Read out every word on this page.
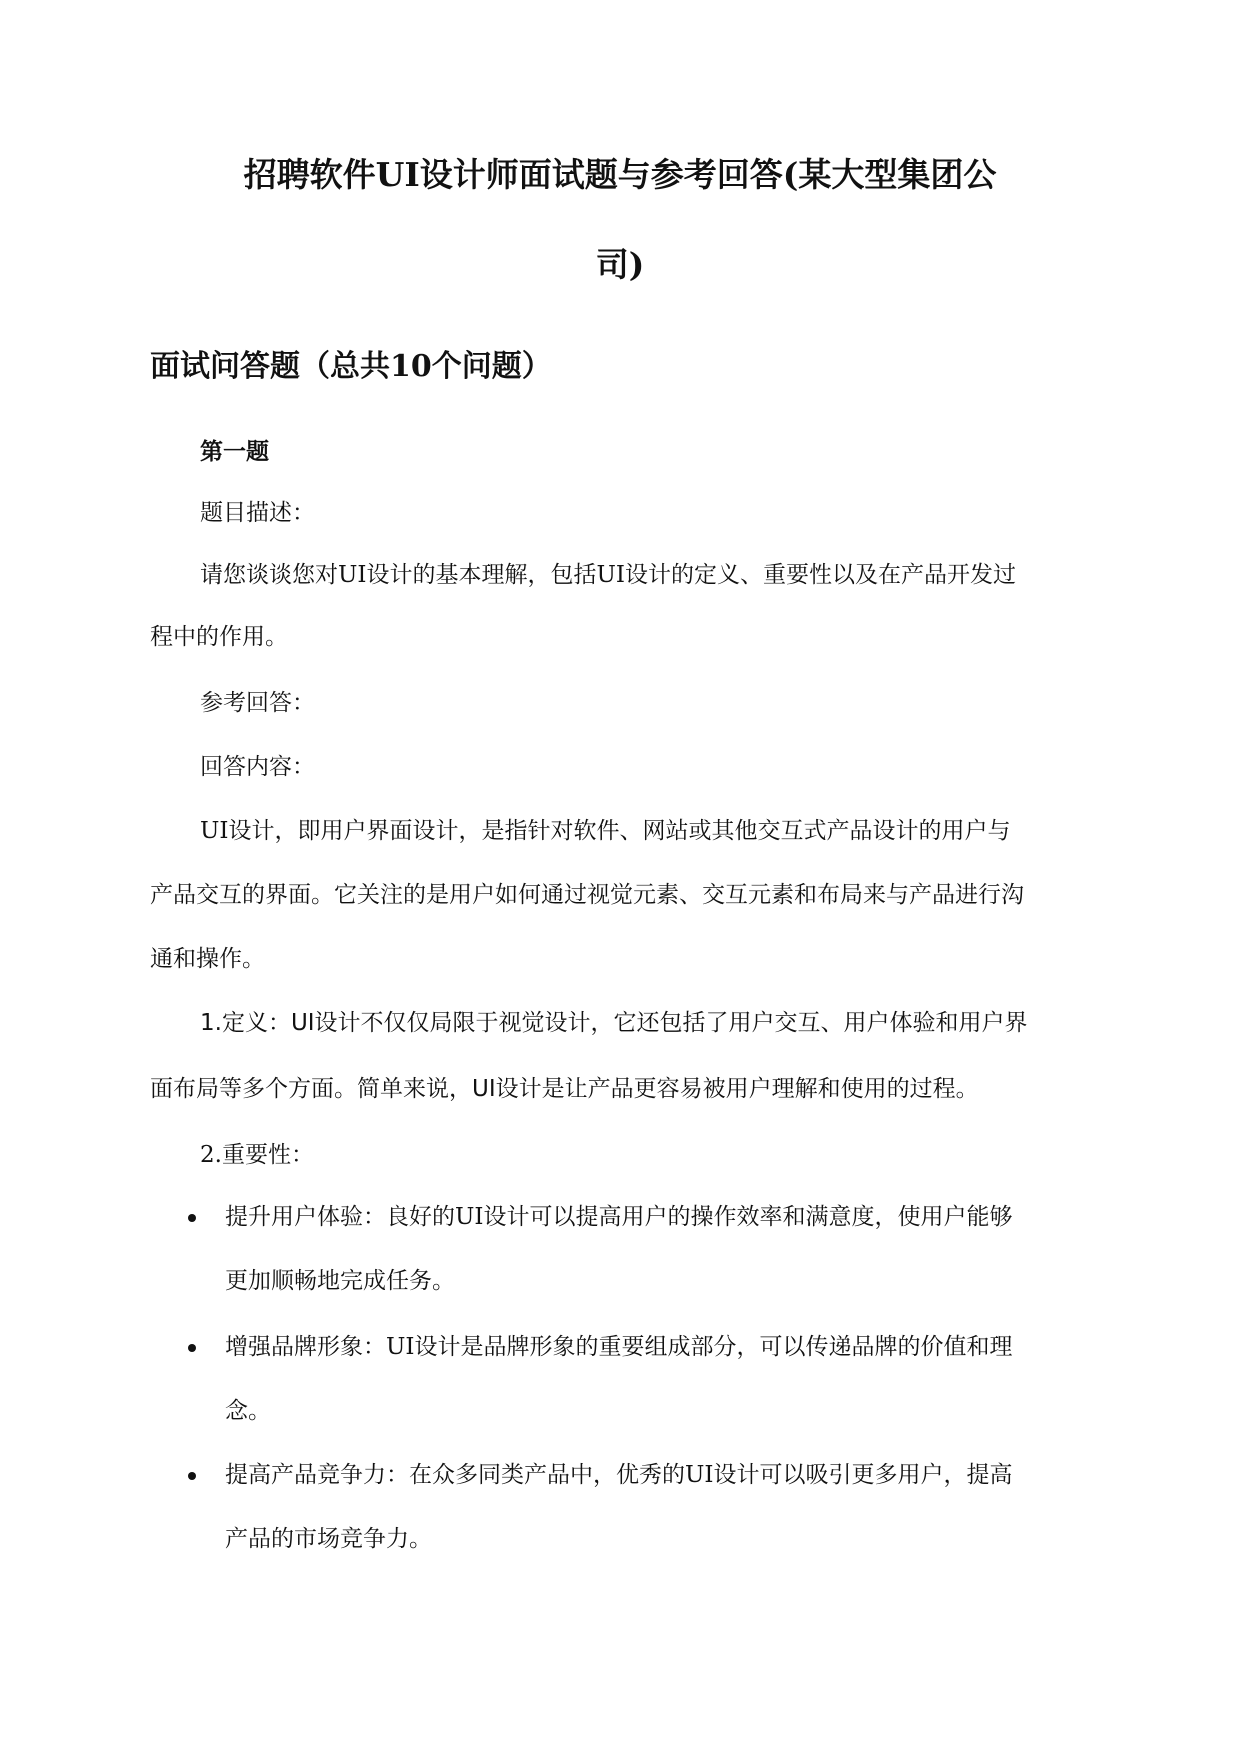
招聘软件UI设计师面试题与参考回答(某大型集团公
司)
面试问答题（总共10个问题）
第一题

题目描述：

请您谈谈您对UI设计的基本理解，包括UI设计的定义、重要性以及在产品开发过

程中的作用。

参考回答：

回答内容：

UI设计，即用户界面设计，是指针对软件、网站或其他交互式产品设计的用户与

产品交互的界面。它关注的是用户如何通过视觉元素、交互元素和布局来与产品进行沟

通和操作。

1.定义：UI设计不仅仅局限于视觉设计，它还包括了用户交互、用户体验和用户界

面布局等多个方面。简单来说，UI设计是让产品更容易被用户理解和使用的过程。

2.重要性：

提升用户体验：良好的UI设计可以提高用户的操作效率和满意度，使用户能够

更加顺畅地完成任务。

增强品牌形象：UI设计是品牌形象的重要组成部分，可以传递品牌的价值和理

念。

提高产品竞争力：在众多同类产品中，优秀的UI设计可以吸引更多用户，提高

产品的市场竞争力。
